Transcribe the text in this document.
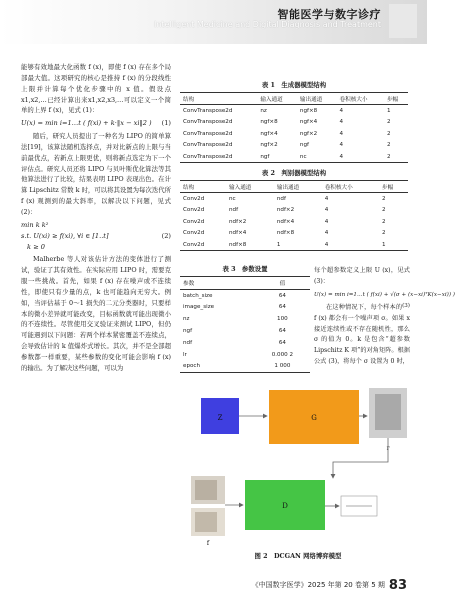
智能医学与数字诊疗
Intelligent Medicine and Digital Diagnosis and Treatment

能够有效地最大化函数 f (x)，即使 f (x) 存在多个局部最大值。这项研究的核心是推持 f (x) 的分段线性上限并计算每个优化步骤中的 x 值。假设点 x1,x2,…已经计算出来x1,x2,x3,…可以定义一个简单的上界 f (x)，见式 (1)：

U(x) = min i=1…t ( f(xi) + k·‖x − xi‖2 ) (1)

随后，研究人员提出了一种名为 LIPO 的简单算法[19]，该算法随机选择点，并对比新点的上限与当前最优点，若新点上限更优，则将新点选定为下一个评估点。研究人员还将 LIPO 与贝叶斯优化算法等其他算法进行了比较，结果表明 LIPO 表现出色。在计算 Lipschitz 常数 k 时，可以将其设置为每次迭代所 f (x) 观测到的最大斜率，以解决以下问题，见式 (2)：

min k k²
s.t. U(xi) ≥ f(xi), ∀i ∈ [1..t]	(2)
k ≥ 0

Malherbe 等人对该估计方法的变体进行了测试，验证了其有效性。在实际应用 LIPO 时，需要克服一些挑战。首先，如果 f (x) 存在噪声或不连续性，即使只有少量的点，k 也可能趋向无穷大。例如，当评估基于 0～1 损失的二元分类器时，只要样本的微小差异就可能改变，目标函数就可能出现微小的不连续性。尽管使用交叉验证来测试 LIPO，但仍可能遇到以下问题：若两个样本紧密覆盖不连续点，会导致估计的 k 值爆炸式增长。其次，并不是全部超参数都一样重要，某些参数的变化可能会影响 f (x) 的输出。为了解决这些问题，可以为

表 1　生成器模型结构
结构	输入通道	输出通道	卷积核大小	步幅
ConvTranspose2d	nz	ngf×8	4	1
ConvTranspose2d	ngf×8	ngf×4	4	2
ConvTranspose2d	ngf×4	ngf×2	4	2
ConvTranspose2d	ngf×2	ngf	4	2
ConvTranspose2d	ngf	nc	4	2
表 2　判别器模型结构
结构	输入通道	输出通道	卷积核大小	步幅
Conv2d	nc	ndf	4	2
Conv2d	ndf	ndf×2	4	2
Conv2d	ndf×2	ndf×4	4	2
Conv2d	ndf×4	ndf×8	4	2
Conv2d	ndf×8	1	4	1
表 3　参数设置
参数	值
batch_size	64
image_size	64
nz	100
ngf	64
ndf	64
lr	0.000 2
epoch	1 000

每个超参数定义上限 U (x)，见式 (3)：

U(x) = min i=1…t ( f(xi) + √(σ + (x−xi)ᵀK(x−xi)) )
(3)

在这种情况下，每个样本的 f (x) 都会有一个噪声项 σ。如果 x 接近连续性或不存在随机性，那么 σ 的值为 0。k 是包含“超参数 Lipschitz K 项”的对角矩阵。根据公式 (3)，将每个 σ 设置为 0 时，

Z	G
r
f
D
图 2　DCGAN 网络博弈模型
《中国数字医学》2025 年第 20 卷第 5 期 83
